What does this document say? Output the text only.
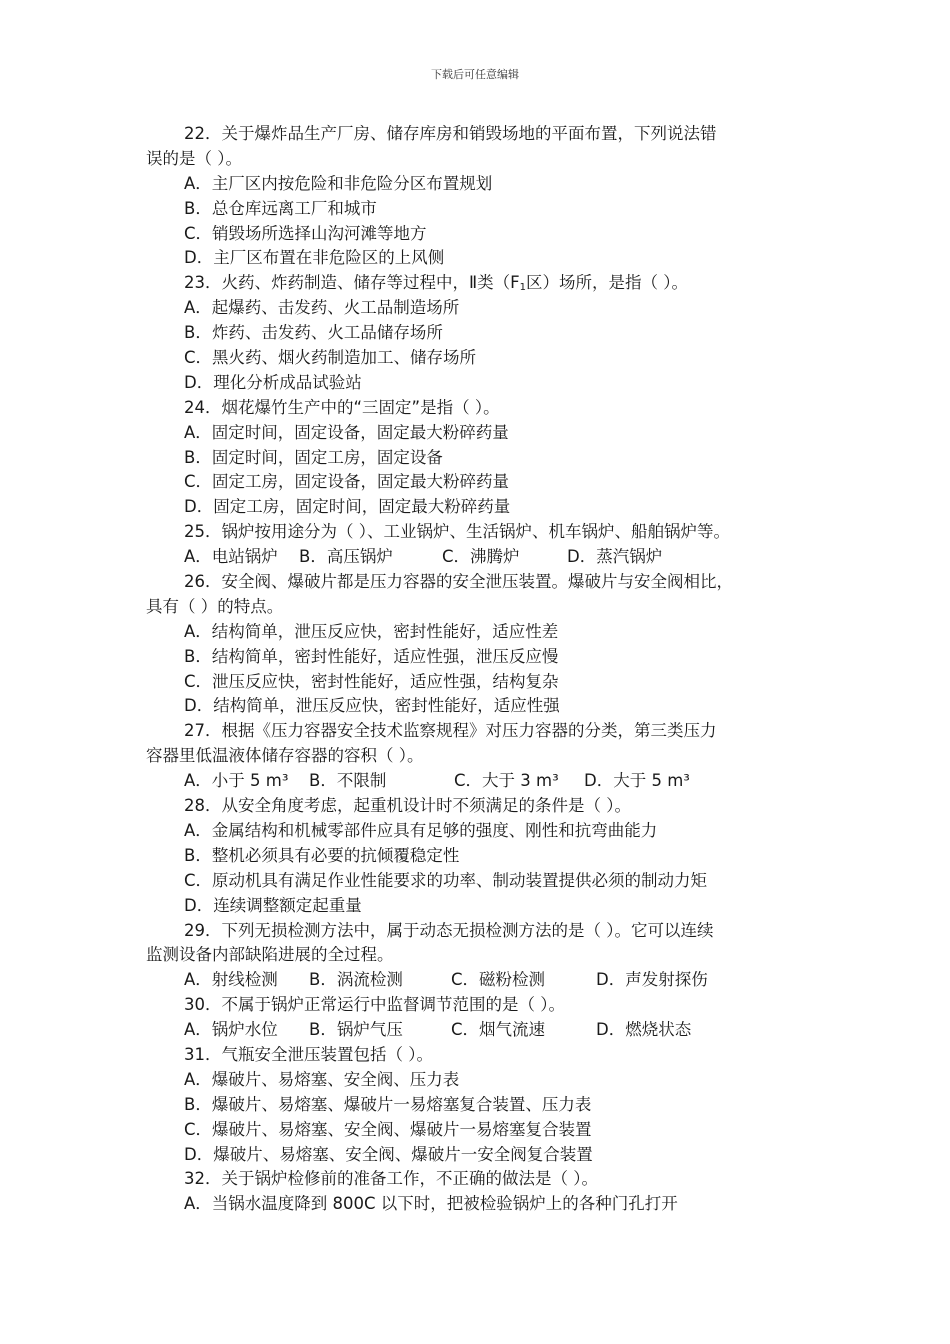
下载后可任意编辑
22．关于爆炸品生产厂房、储存库房和销毁场地的平面布置，下列说法错
误的是（ ）。
A．主厂区内按危险和非危险分区布置规划
B．总仓库远离工厂和城市
C．销毁场所选择山沟河滩等地方
D．主厂区布置在非危险区的上风侧
23．火药、炸药制造、储存等过程中，Ⅱ类（$F_1$区）场所，是指（ ）。
A．起爆药、击发药、火工品制造场所
B．炸药、击发药、火工品储存场所
C．黑火药、烟火药制造加工、储存场所
D．理化分析成品试验站
24．烟花爆竹生产中的“三固定”是指（ ）。
A．固定时间，固定设备，固定最大粉碎药量
B．固定时间，固定工房，固定设备
C．固定工房，固定设备，固定最大粉碎药量
D．固定工房，固定时间，固定最大粉碎药量
25．锅炉按用途分为（ ）、工业锅炉、生活锅炉、机车锅炉、船舶锅炉等。
A．电站锅炉 B．高压锅炉	C．沸腾炉	D．蒸汽锅炉
26．安全阀、爆破片都是压力容器的安全泄压装置。爆破片与安全阀相比，
具有（ ）的特点。
A．结构简单，泄压反应快，密封性能好，适应性差
B．结构简单，密封性能好，适应性强，泄压反应慢
C．泄压反应快，密封性能好，适应性强，结构复杂
D．结构简单，泄压反应快，密封性能好，适应性强
27．根据《压力容器安全技术监察规程》对压力容器的分类，第三类压力
容器里低温液体储存容器的容积（ ）。
A．小于 5 m³ B．不限制	C．大于 3 m³ D．大于 5 m³
28．从安全角度考虑，起重机设计时不须满足的条件是（ ）。
A．金属结构和机械零部件应具有足够的强度、刚性和抗弯曲能力
B．整机必须具有必要的抗倾覆稳定性
C．原动机具有满足作业性能要求的功率、制动装置提供必须的制动力矩
D．连续调整额定起重量
29．下列无损检测方法中，属于动态无损检测方法的是（ ）。它可以连续
监测设备内部缺陷进展的全过程。
A．射线检测 B．涡流检测	C．磁粉检测	D．声发射探伤
30．不属于锅炉正常运行中监督调节范围的是（ ）。
A．锅炉水位 B．锅炉气压	C．烟气流速	D．燃烧状态
31．气瓶安全泄压装置包括（ ）。
A．爆破片、易熔塞、安全阀、压力表
B．爆破片、易熔塞、爆破片一易熔塞复合装置、压力表
C．爆破片、易熔塞、安全阀、爆破片一易熔塞复合装置
D．爆破片、易熔塞、安全阀、爆破片一安全阀复合装置
32．关于锅炉检修前的准备工作，不正确的做法是（ ）。
A．当锅水温度降到 800C 以下时，把被检验锅炉上的各种门孔打开
